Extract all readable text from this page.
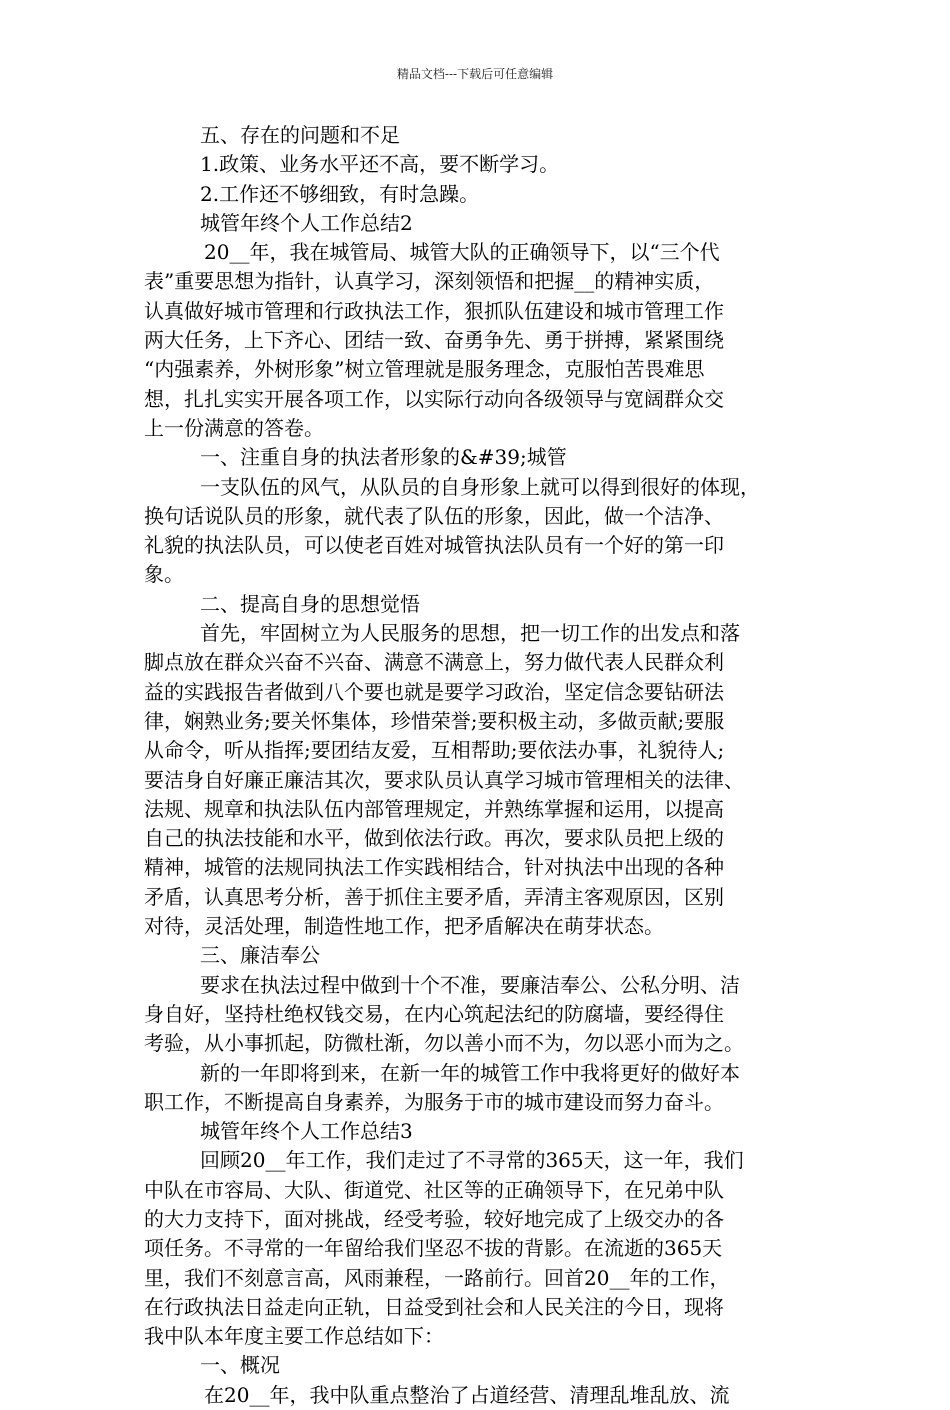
精品文档---下载后可任意编辑
五、存在的问题和不足
1.政策、业务水平还不高，要不断学习。
2.工作还不够细致，有时急躁。
城管年终个人工作总结2
20__年，我在城管局、城管大队的正确领导下，以“三个代
表”重要思想为指针，认真学习，深刻领悟和把握__的精神实质，
认真做好城市管理和行政执法工作，狠抓队伍建设和城市管理工作
两大任务，上下齐心、团结一致、奋勇争先、勇于拼搏，紧紧围绕
“内强素养，外树形象”树立管理就是服务理念，克服怕苦畏难思
想，扎扎实实开展各项工作，以实际行动向各级领导与宽阔群众交
上一份满意的答卷。
一、注重自身的执法者形象的&#39;城管
一支队伍的风气，从队员的自身形象上就可以得到很好的体现，
换句话说队员的形象，就代表了队伍的形象，因此，做一个洁净、
礼貌的执法队员，可以使老百姓对城管执法队员有一个好的第一印
象。
二、提高自身的思想觉悟
首先，牢固树立为人民服务的思想，把一切工作的出发点和落
脚点放在群众兴奋不兴奋、满意不满意上，努力做代表人民群众利
益的实践报告者做到八个要也就是要学习政治，坚定信念要钻研法
律，娴熟业务;要关怀集体，珍惜荣誉;要积极主动，多做贡献;要服
从命令，听从指挥;要团结友爱，互相帮助;要依法办事，礼貌待人;
要洁身自好廉正廉洁其次，要求队员认真学习城市管理相关的法律、
法规、规章和执法队伍内部管理规定，并熟练掌握和运用，以提高
自己的执法技能和水平，做到依法行政。再次，要求队员把上级的
精神，城管的法规同执法工作实践相结合，针对执法中出现的各种
矛盾，认真思考分析，善于抓住主要矛盾，弄清主客观原因，区别
对待，灵活处理，制造性地工作，把矛盾解决在萌芽状态。
三、廉洁奉公
要求在执法过程中做到十个不准，要廉洁奉公、公私分明、洁
身自好，坚持杜绝权钱交易，在内心筑起法纪的防腐墙，要经得住
考验，从小事抓起，防微杜渐，勿以善小而不为，勿以恶小而为之。
新的一年即将到来，在新一年的城管工作中我将更好的做好本
职工作，不断提高自身素养，为服务于市的城市建设而努力奋斗。
城管年终个人工作总结3
回顾20__年工作，我们走过了不寻常的365天，这一年，我们
中队在市容局、大队、街道党、社区等的正确领导下，在兄弟中队
的大力支持下，面对挑战，经受考验，较好地完成了上级交办的各
项任务。不寻常的一年留给我们坚忍不拔的背影。在流逝的365天
里，我们不刻意言高，风雨兼程，一路前行。回首20__年的工作，
在行政执法日益走向正轨，日益受到社会和人民关注的今日，现将
我中队本年度主要工作总结如下：
一、概况
在20__年，我中队重点整治了占道经营、清理乱堆乱放、流
